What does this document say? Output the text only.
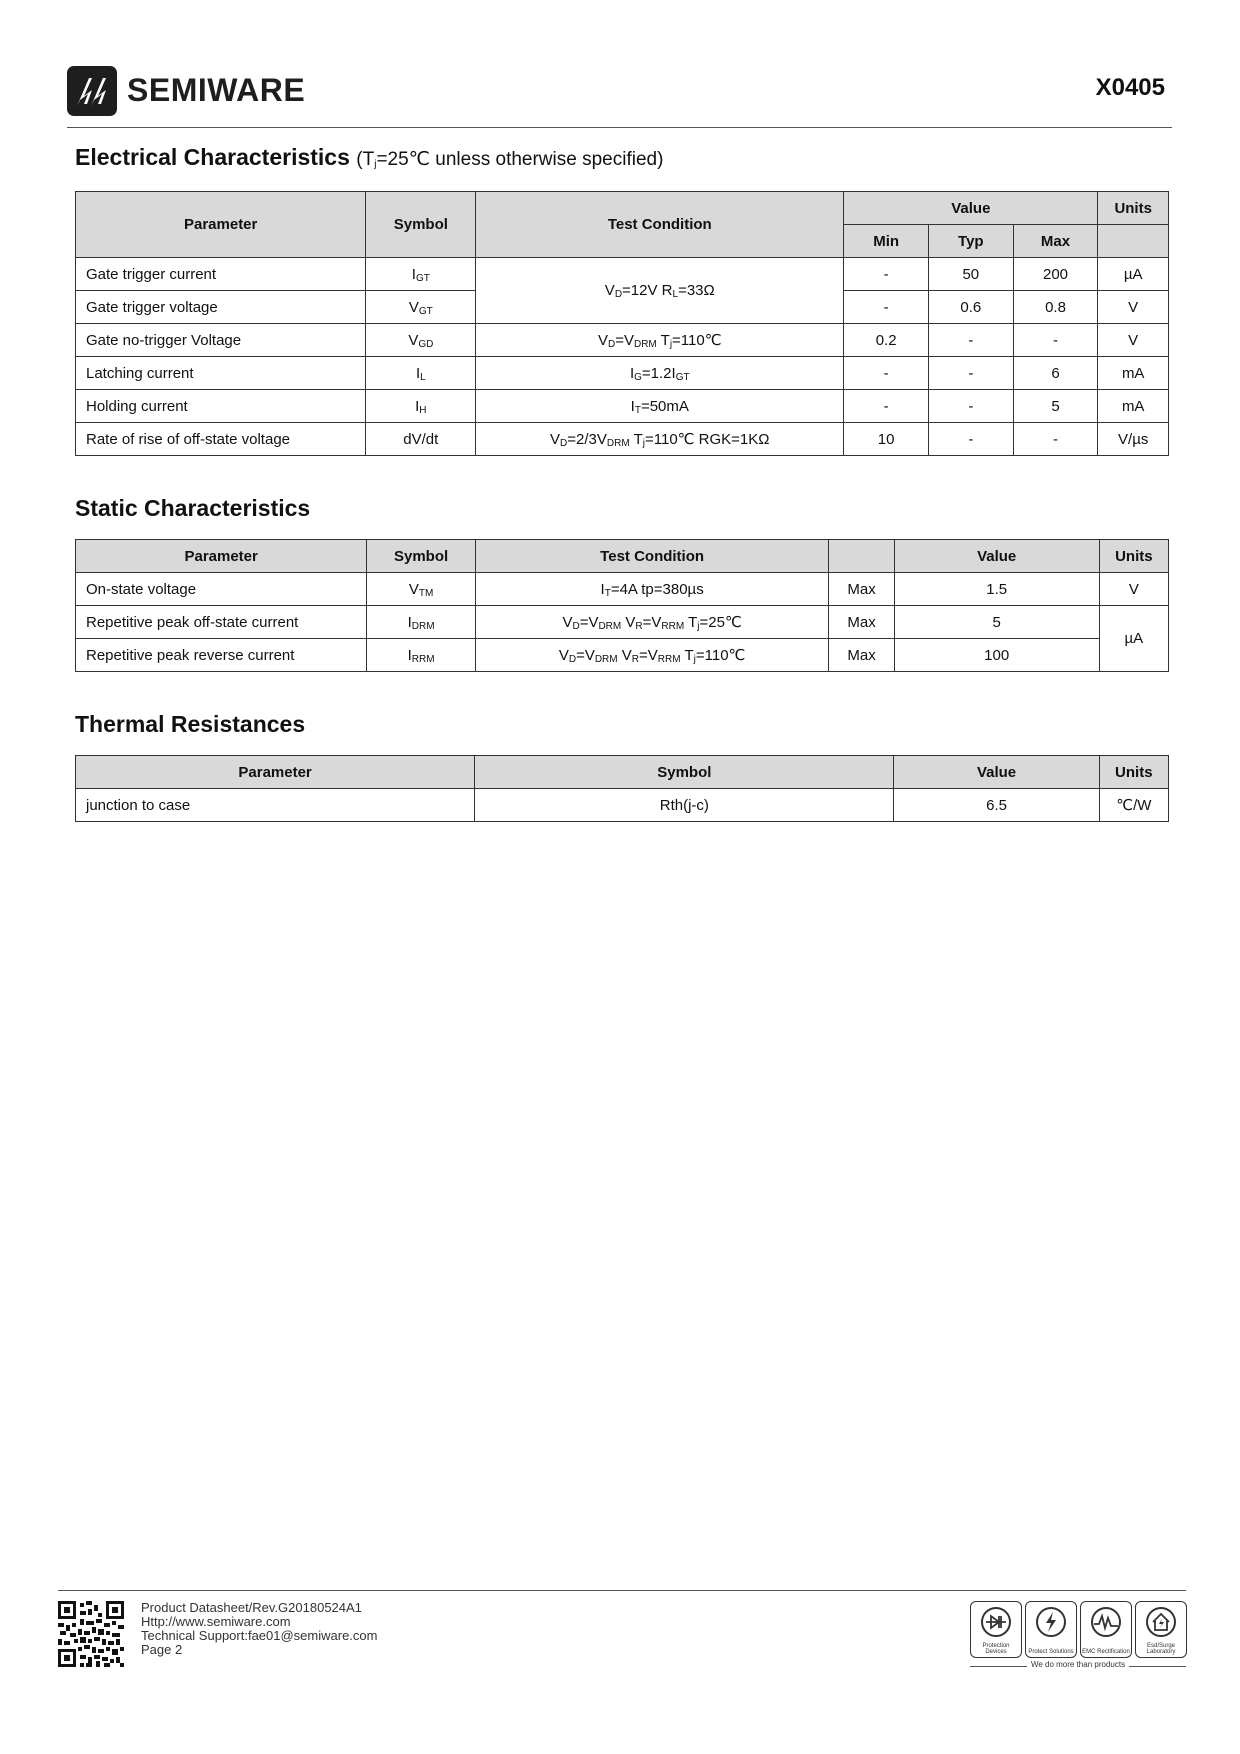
SEMIWARE	X0405
Electrical Characteristics ($T_j=25℃$ unless otherwise specified)
Parameter	Symbol	Test Condition	Value			Units
			Min	Typ	Max	
Gate trigger current	$I_{GT}$	$V_D=12V$ $R_L=33\Omega$	-	50	200	µA
Gate trigger voltage	$V_{GT}$		-	0.6	0.8	V
Gate no-trigger Voltage	$V_{GD}$	$V_D=V_{DRM}$ $T_j=110℃$	0.2	-	-	V
Latching current	$I_L$	$I_G=1.2I_{GT}$	-	-	6	mA
Holding current	$I_H$	$I_T=50mA$	-	-	5	mA
Rate of rise of off-state voltage	dV/dt	$V_D=2/3V_{DRM}$ $T_j=110℃$ RGK=1KΩ	10	-	-	V/µs
Static Characteristics
Parameter	Symbol	Test Condition		Value	Units
On-state voltage	$V_{TM}$	$I_T=4A$ tp=380µs	Max	1.5	V
Repetitive peak off-state current	$I_{DRM}$	$V_D=V_{DRM}$ $V_R=V_{RRM}$ $T_j=25℃$	Max	5	µA
Repetitive peak reverse current	$I_{RRM}$	$V_D=V_{DRM}$ $V_R=V_{RRM}$ $T_j=110℃$	Max	100	
Thermal Resistances
Parameter	Symbol	Value	Units
junction to case	Rth(j-c)	6.5	℃/W
Product Datasheet/Rev.G20180524A1
Http://www.semiware.com
Technical Support:fae01@semiware.com
Page 2	Protection Devices	Protect Solutions	EMC Rectification
Esd/Surge Laboratory
We do more than products
